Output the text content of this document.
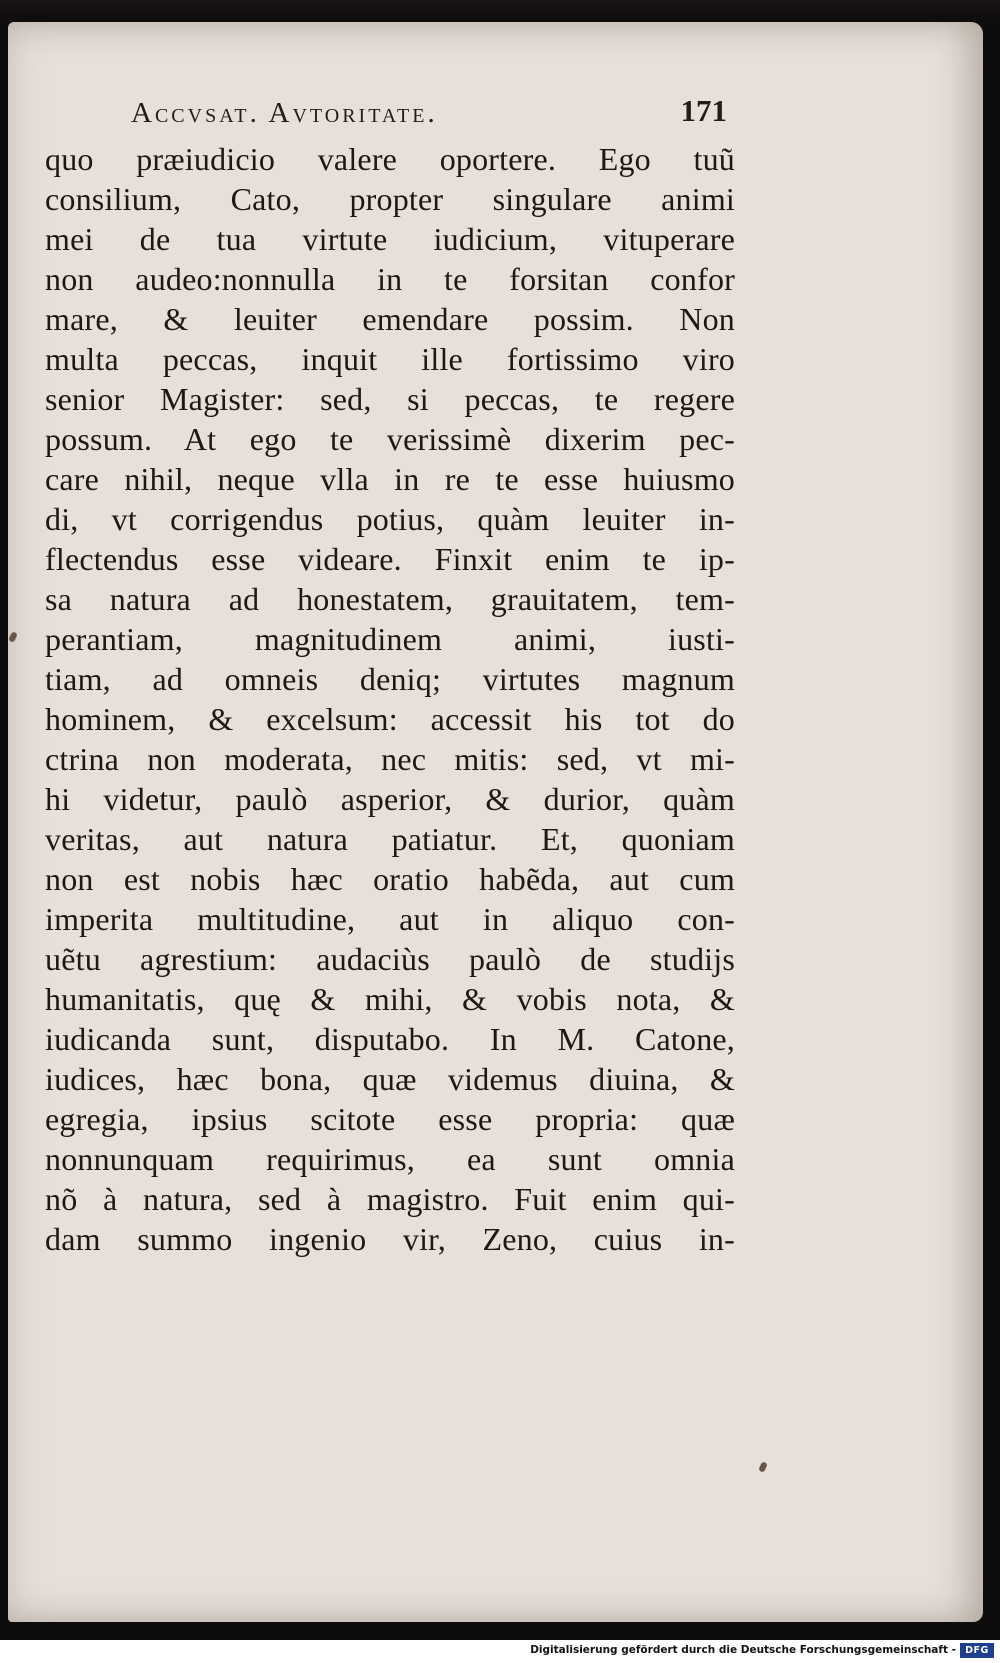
Accvsat. Avtoritate.	171
quo præiudicio valere oportere. Ego tuũ
consilium, Cato, propter singulare animi
mei de tua virtute iudicium, vituperare
non audeo:nonnulla in te forsitan confor
mare, & leuiter emendare possim. Non
multa peccas, inquit ille fortissimo viro
senior Magister: sed, si peccas, te regere
possum. At ego te verissimè dixerim pec-
care nihil, neque vlla in re te esse huiusmo
di, vt corrigendus potius, quàm leuiter in-
flectendus esse videare. Finxit enim te ip-
sa natura ad honestatem, grauitatem, tem-
perantiam, magnitudinem animi, iusti-
tiam, ad omneis deniq; virtutes magnum
hominem, & excelsum: accessit his tot do
ctrina non moderata, nec mitis: sed, vt mi-
hi videtur, paulò asperior, & durior, quàm
veritas, aut natura patiatur. Et, quoniam
non est nobis hæc oratio habẽda, aut cum
imperita multitudine, aut in aliquo con-
uẽtu agrestium: audaciùs paulò de studijs
humanitatis, quę & mihi, & vobis nota, &
iudicanda sunt, disputabo. In M. Catone,
iudices, hæc bona, quæ videmus diuina, &
egregia, ipsius scitote esse propria: quæ
nonnunquam requirimus, ea sunt omnia
nõ à natura, sed à magistro. Fuit enim qui-
dam summo ingenio vir, Zeno, cuius in-
Digitalisierung gefördert durch die Deutsche Forschungsgemeinschaft - DFG
